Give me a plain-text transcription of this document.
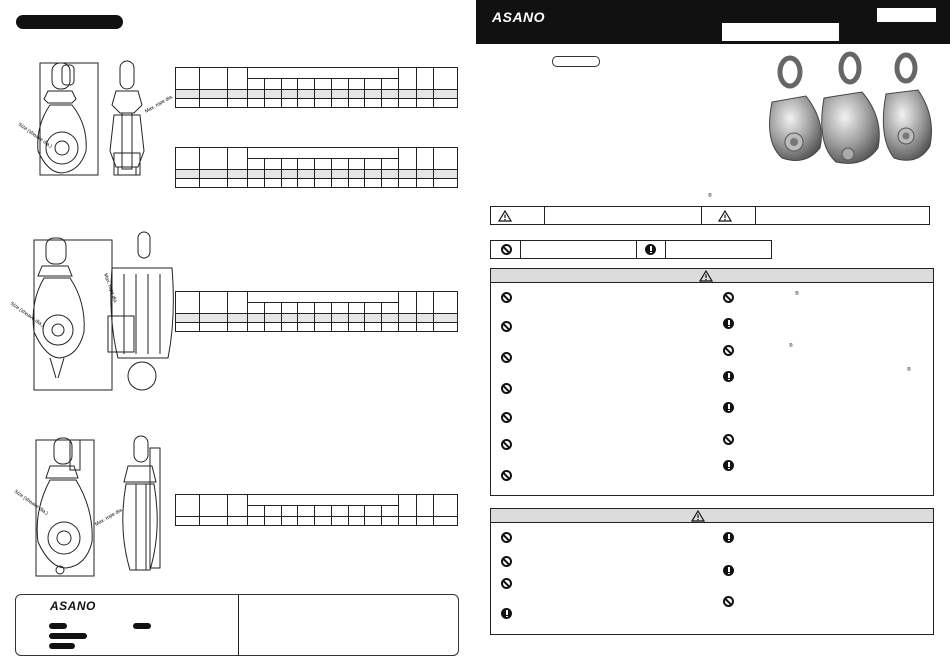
Size (sheave dia.)
Max. rope dia.
Size (sheave dia.)
Max. rope dia.
Size (sheave dia.)
Max. rope dia.

ASANO
ASANO
®
®
®
®
